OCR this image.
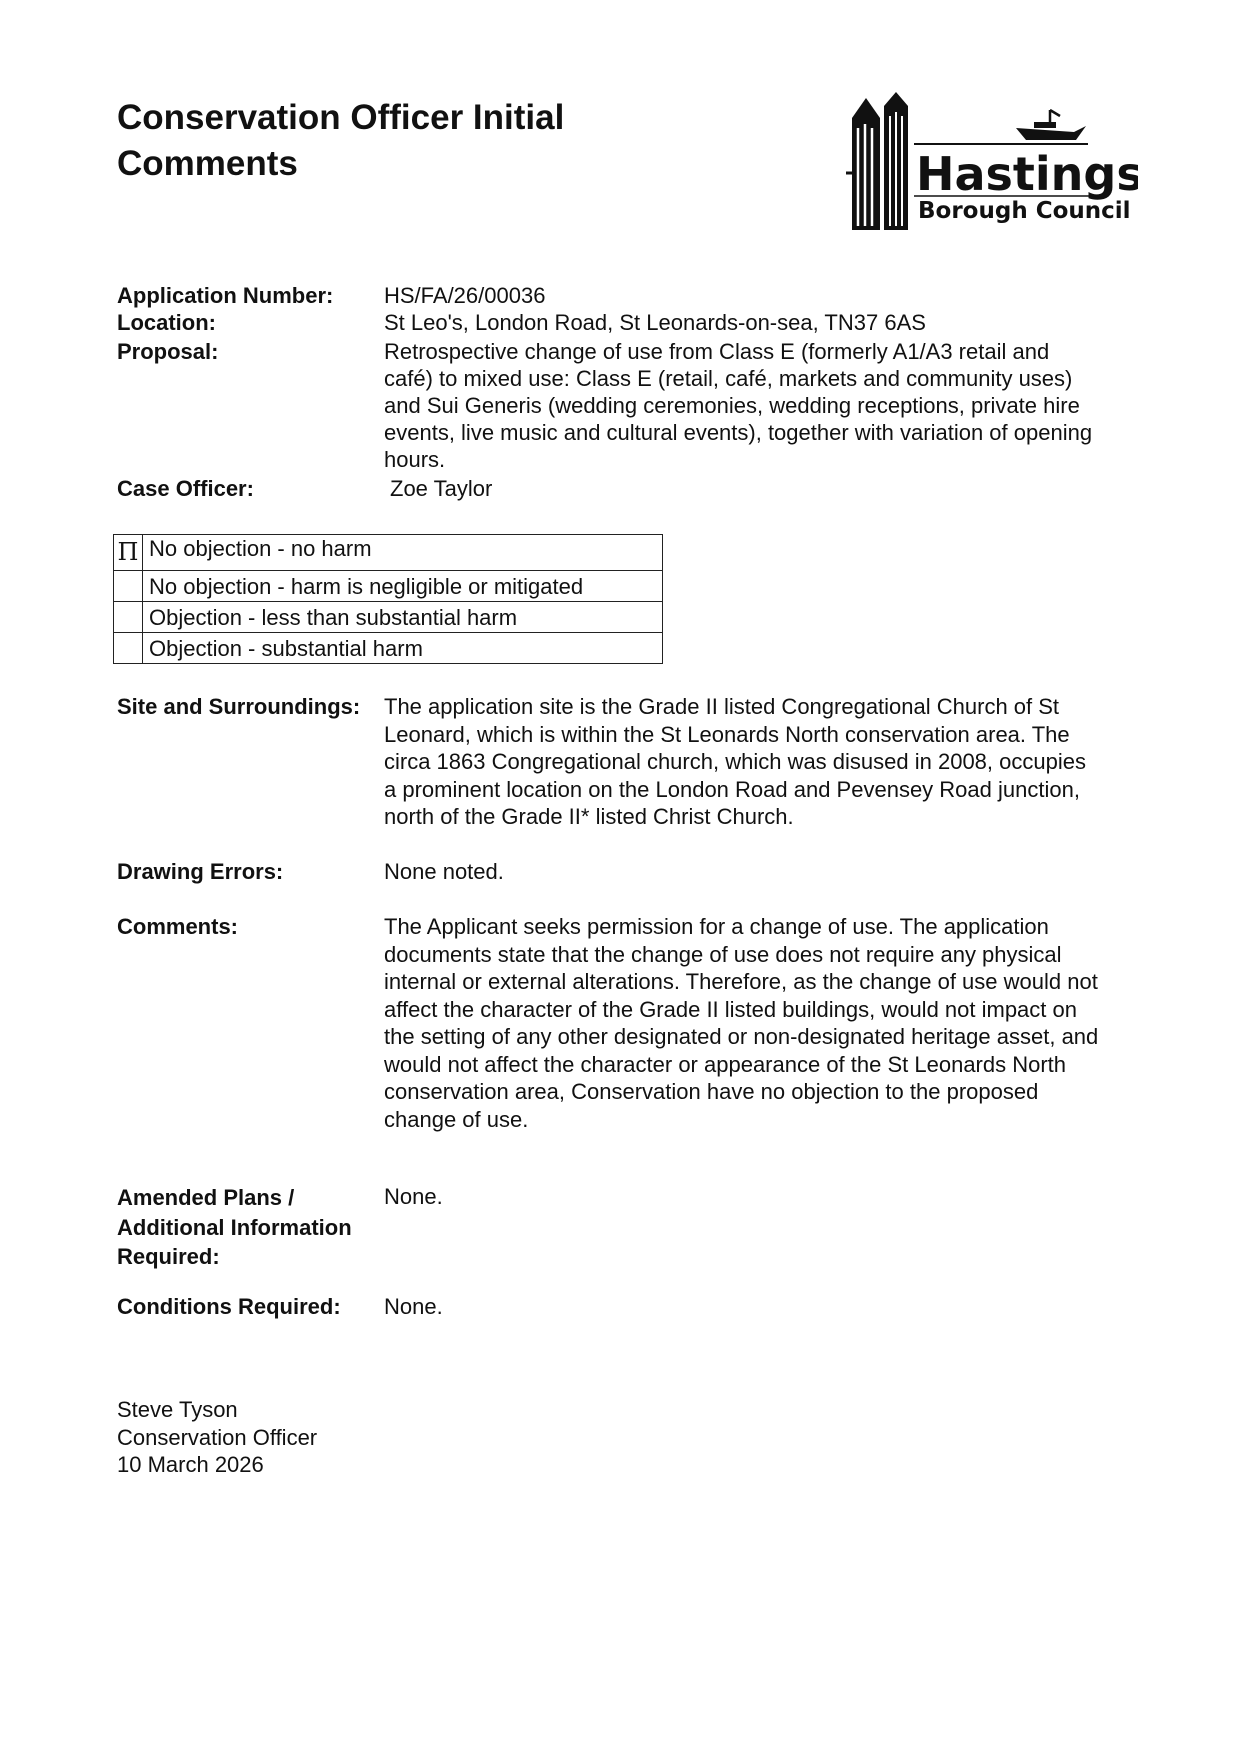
Conservation Officer Initial
Comments	Hastings
Borough Council
Application Number: HS/FA/26/00036
Location:	St Leo's, London Road, St Leonards-on-sea, TN37 6AS
Proposal:	Retrospective change of use from Class E (formerly A1/A3 retail and
café) to mixed use: Class E (retail, café, markets and community uses)
and Sui Generis (wedding ceremonies, wedding receptions, private hire
events, live music and cultural events), together with variation of opening
hours.
Case Officer:	Zoe Taylor
Π	No objection - no harm
	No objection - harm is negligible or mitigated
	Objection - less than substantial harm
	Objection - substantial harm
Site and Surroundings: The application site is the Grade II listed Congregational Church of St
Leonard, which is within the St Leonards North conservation area. The
circa 1863 Congregational church, which was disused in 2008, occupies
a prominent location on the London Road and Pevensey Road junction,
north of the Grade II* listed Christ Church.
Drawing Errors:	None noted.
Comments:	The Applicant seeks permission for a change of use. The application
documents state that the change of use does not require any physical
internal or external alterations. Therefore, as the change of use would not
affect the character of the Grade II listed buildings, would not impact on
the setting of any other designated or non-designated heritage asset, and
would not affect the character or appearance of the St Leonards North
conservation area, Conservation have no objection to the proposed
change of use.
Amended Plans /
Additional Information
Required:
None.
Conditions Required: None.
Steve Tyson
Conservation Officer
10 March 2026
